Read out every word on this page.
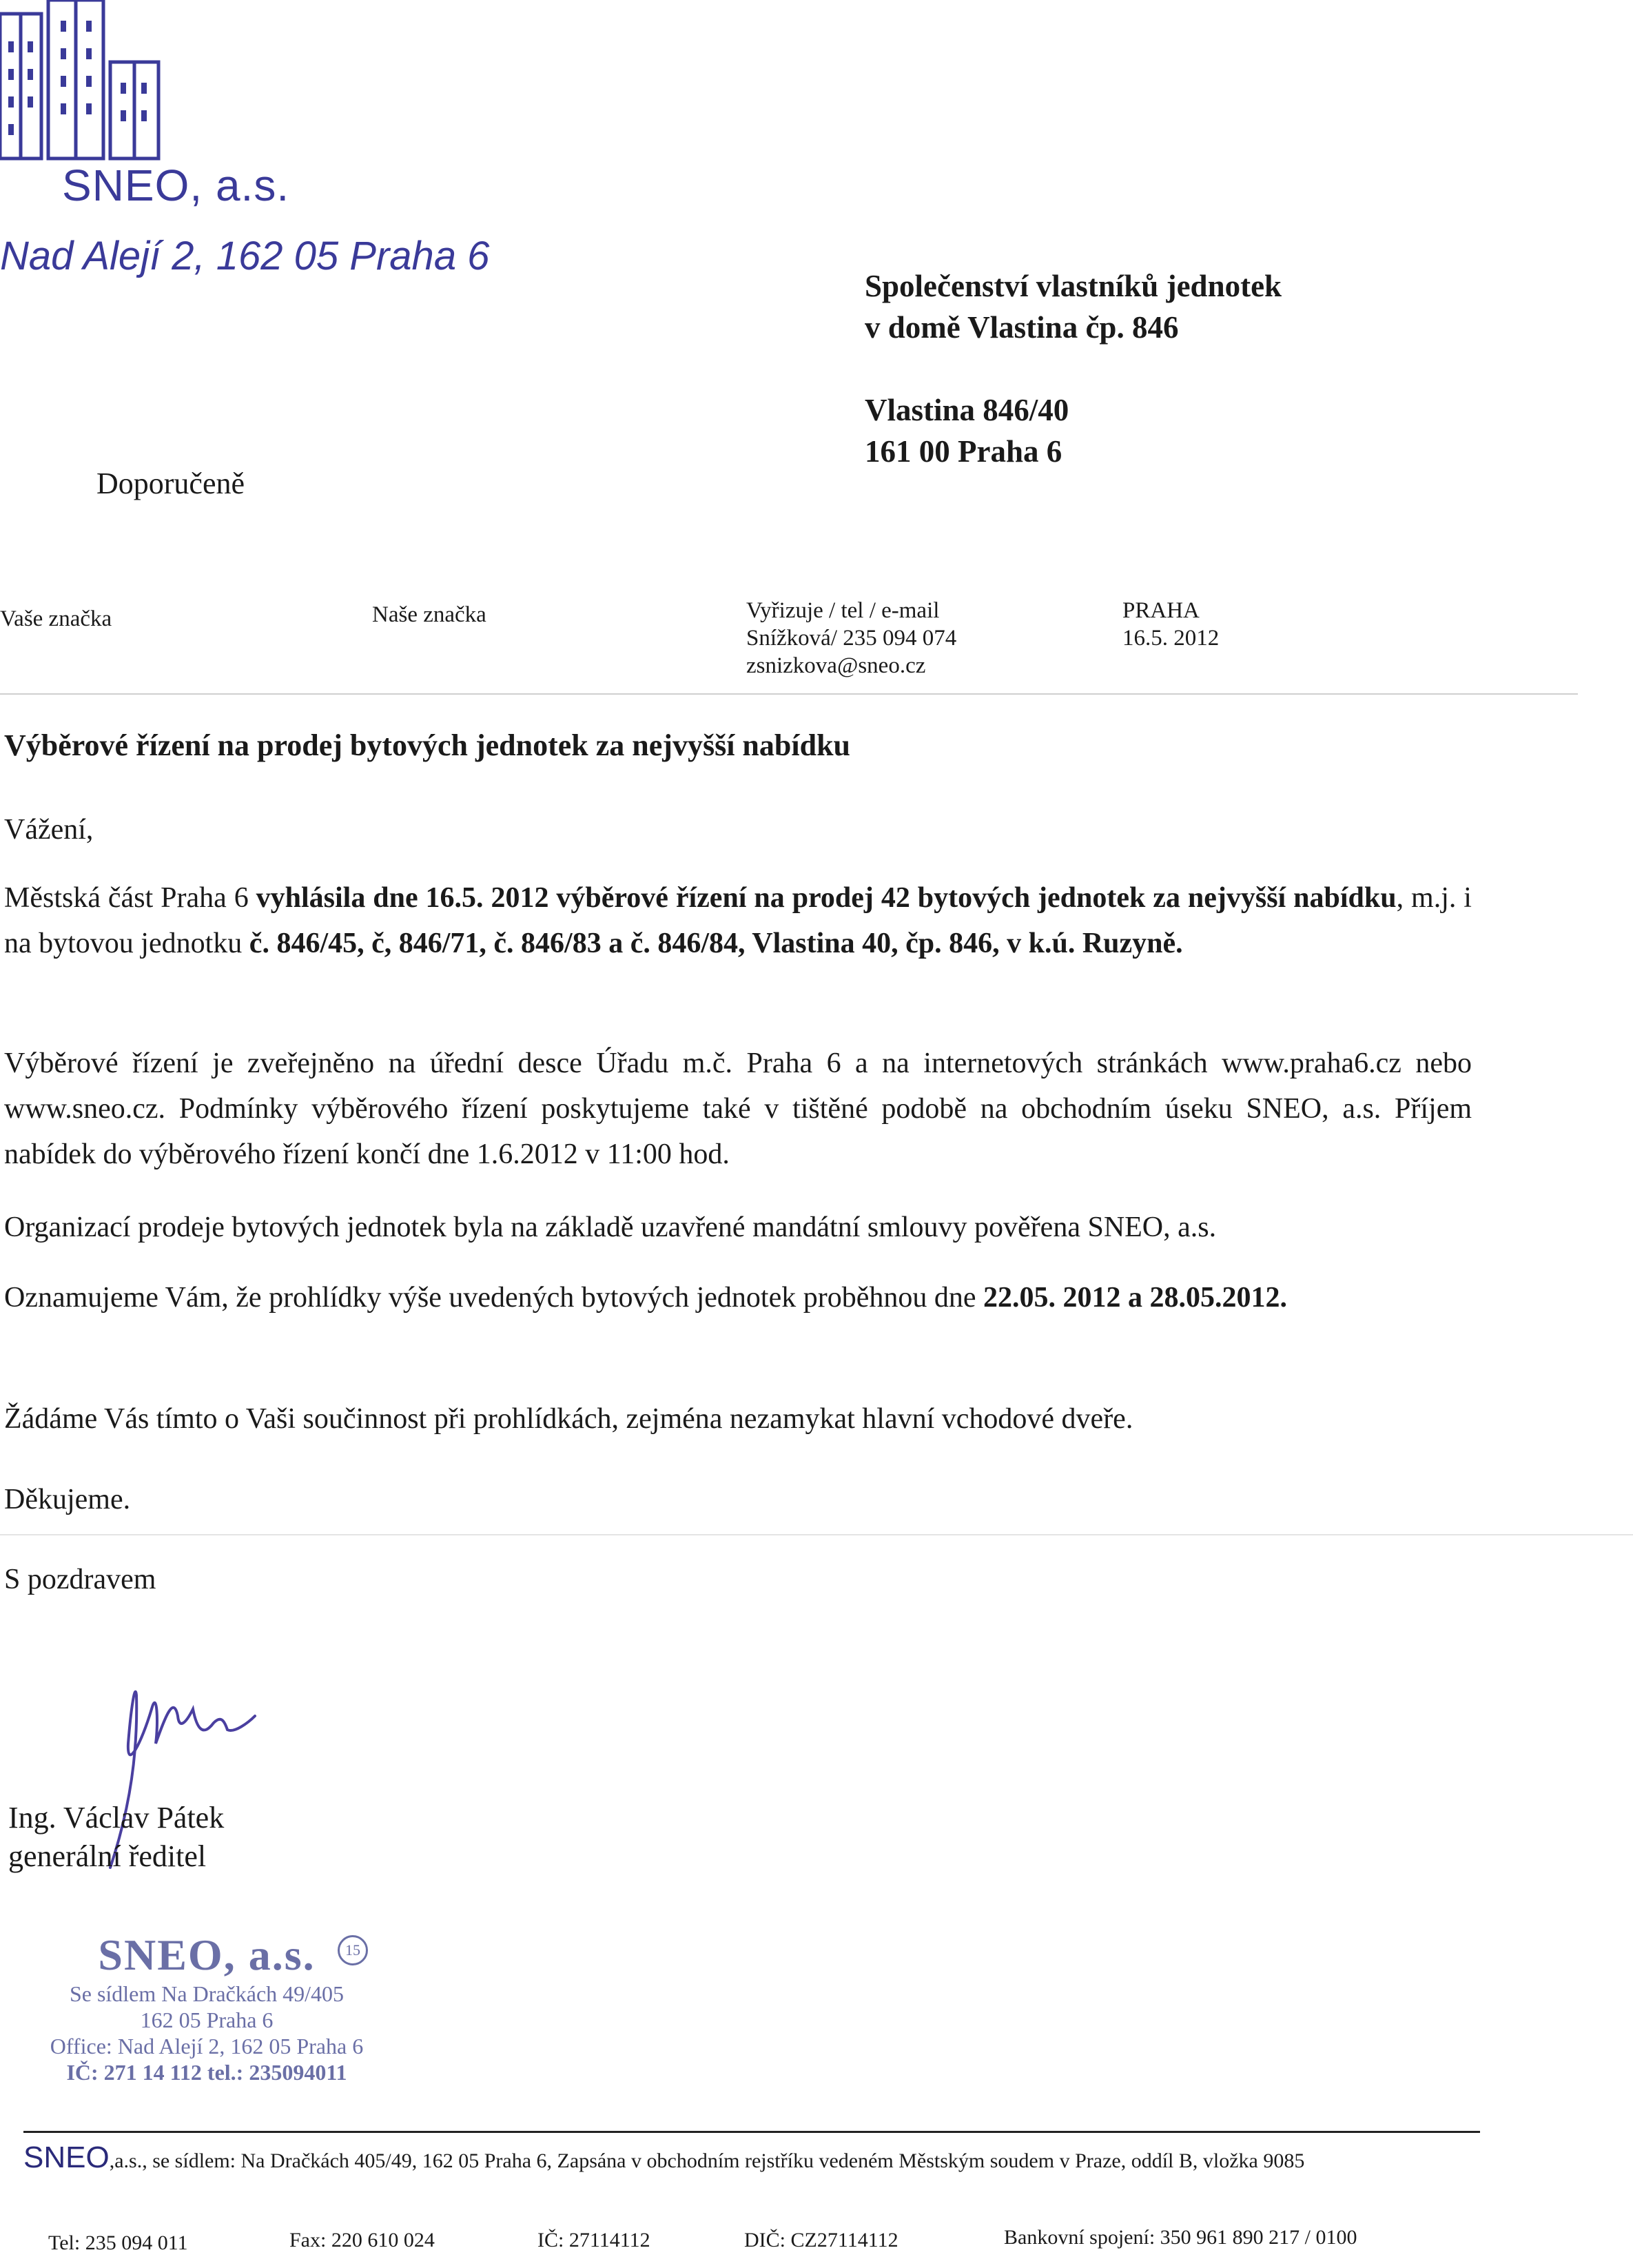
SNEO, a.s.
Nad Alejí 2, 162 05 Praha 6
Společenství vlastníků jednotek
v domě Vlastina čp. 846
Vlastina 846/40
161 00 Praha 6
Doporučeně
Vaše značka	Naše značka	Vyřizuje / tel / e-mail
Snížková/ 235 094 074
zsnizkova@sneo.cz
PRAHA
16.5. 2012
Výběrové řízení na prodej bytových jednotek za nejvyšší nabídku
Vážení,

Městská část Praha 6 vyhlásila dne 16.5. 2012 výběrové řízení na prodej 42 bytových jednotek za nejvyšší nabídku, m.j. i na bytovou jednotku č. 846/45, č, 846/71, č. 846/83 a č. 846/84, Vlastina 40, čp. 846, v k.ú. Ruzyně.

Výběrové řízení je zveřejněno na úřední desce Úřadu m.č. Praha 6 a na internetových stránkách www.praha6.cz nebo www.sneo.cz. Podmínky výběrového řízení poskytujeme také v tištěné podobě na obchodním úseku SNEO, a.s. Příjem nabídek do výběrového řízení končí dne 1.6.2012 v 11:00 hod.

Organizací prodeje bytových jednotek byla na základě uzavřené mandátní smlouvy pověřena SNEO, a.s.

Oznamujeme Vám, že prohlídky výše uvedených bytových jednotek proběhnou dne 22.05. 2012 a 28.05.2012.

Žádáme Vás tímto o Vaši součinnost při prohlídkách, zejména nezamykat hlavní vchodové dveře.

Děkujeme.
S pozdravem
Ing. Václav Pátek
generální ředitel
SNEO, a.s.	15
Se sídlem Na Dračkách 49/405
162 05 Praha 6
Office: Nad Alejí 2, 162 05 Praha 6
IČ: 271 14 112 tel.: 235094011
SNEO,a.s., se sídlem: Na Dračkách 405/49, 162 05 Praha 6, Zapsána v obchodním rejstříku vedeném Městským soudem v Praze, oddíl B, vložka 9085
Tel: 235 094 011	Fax: 220 610 024	IČ: 27114112	DIČ: CZ27114112	Bankovní spojení: 350 961 890 217 / 0100
